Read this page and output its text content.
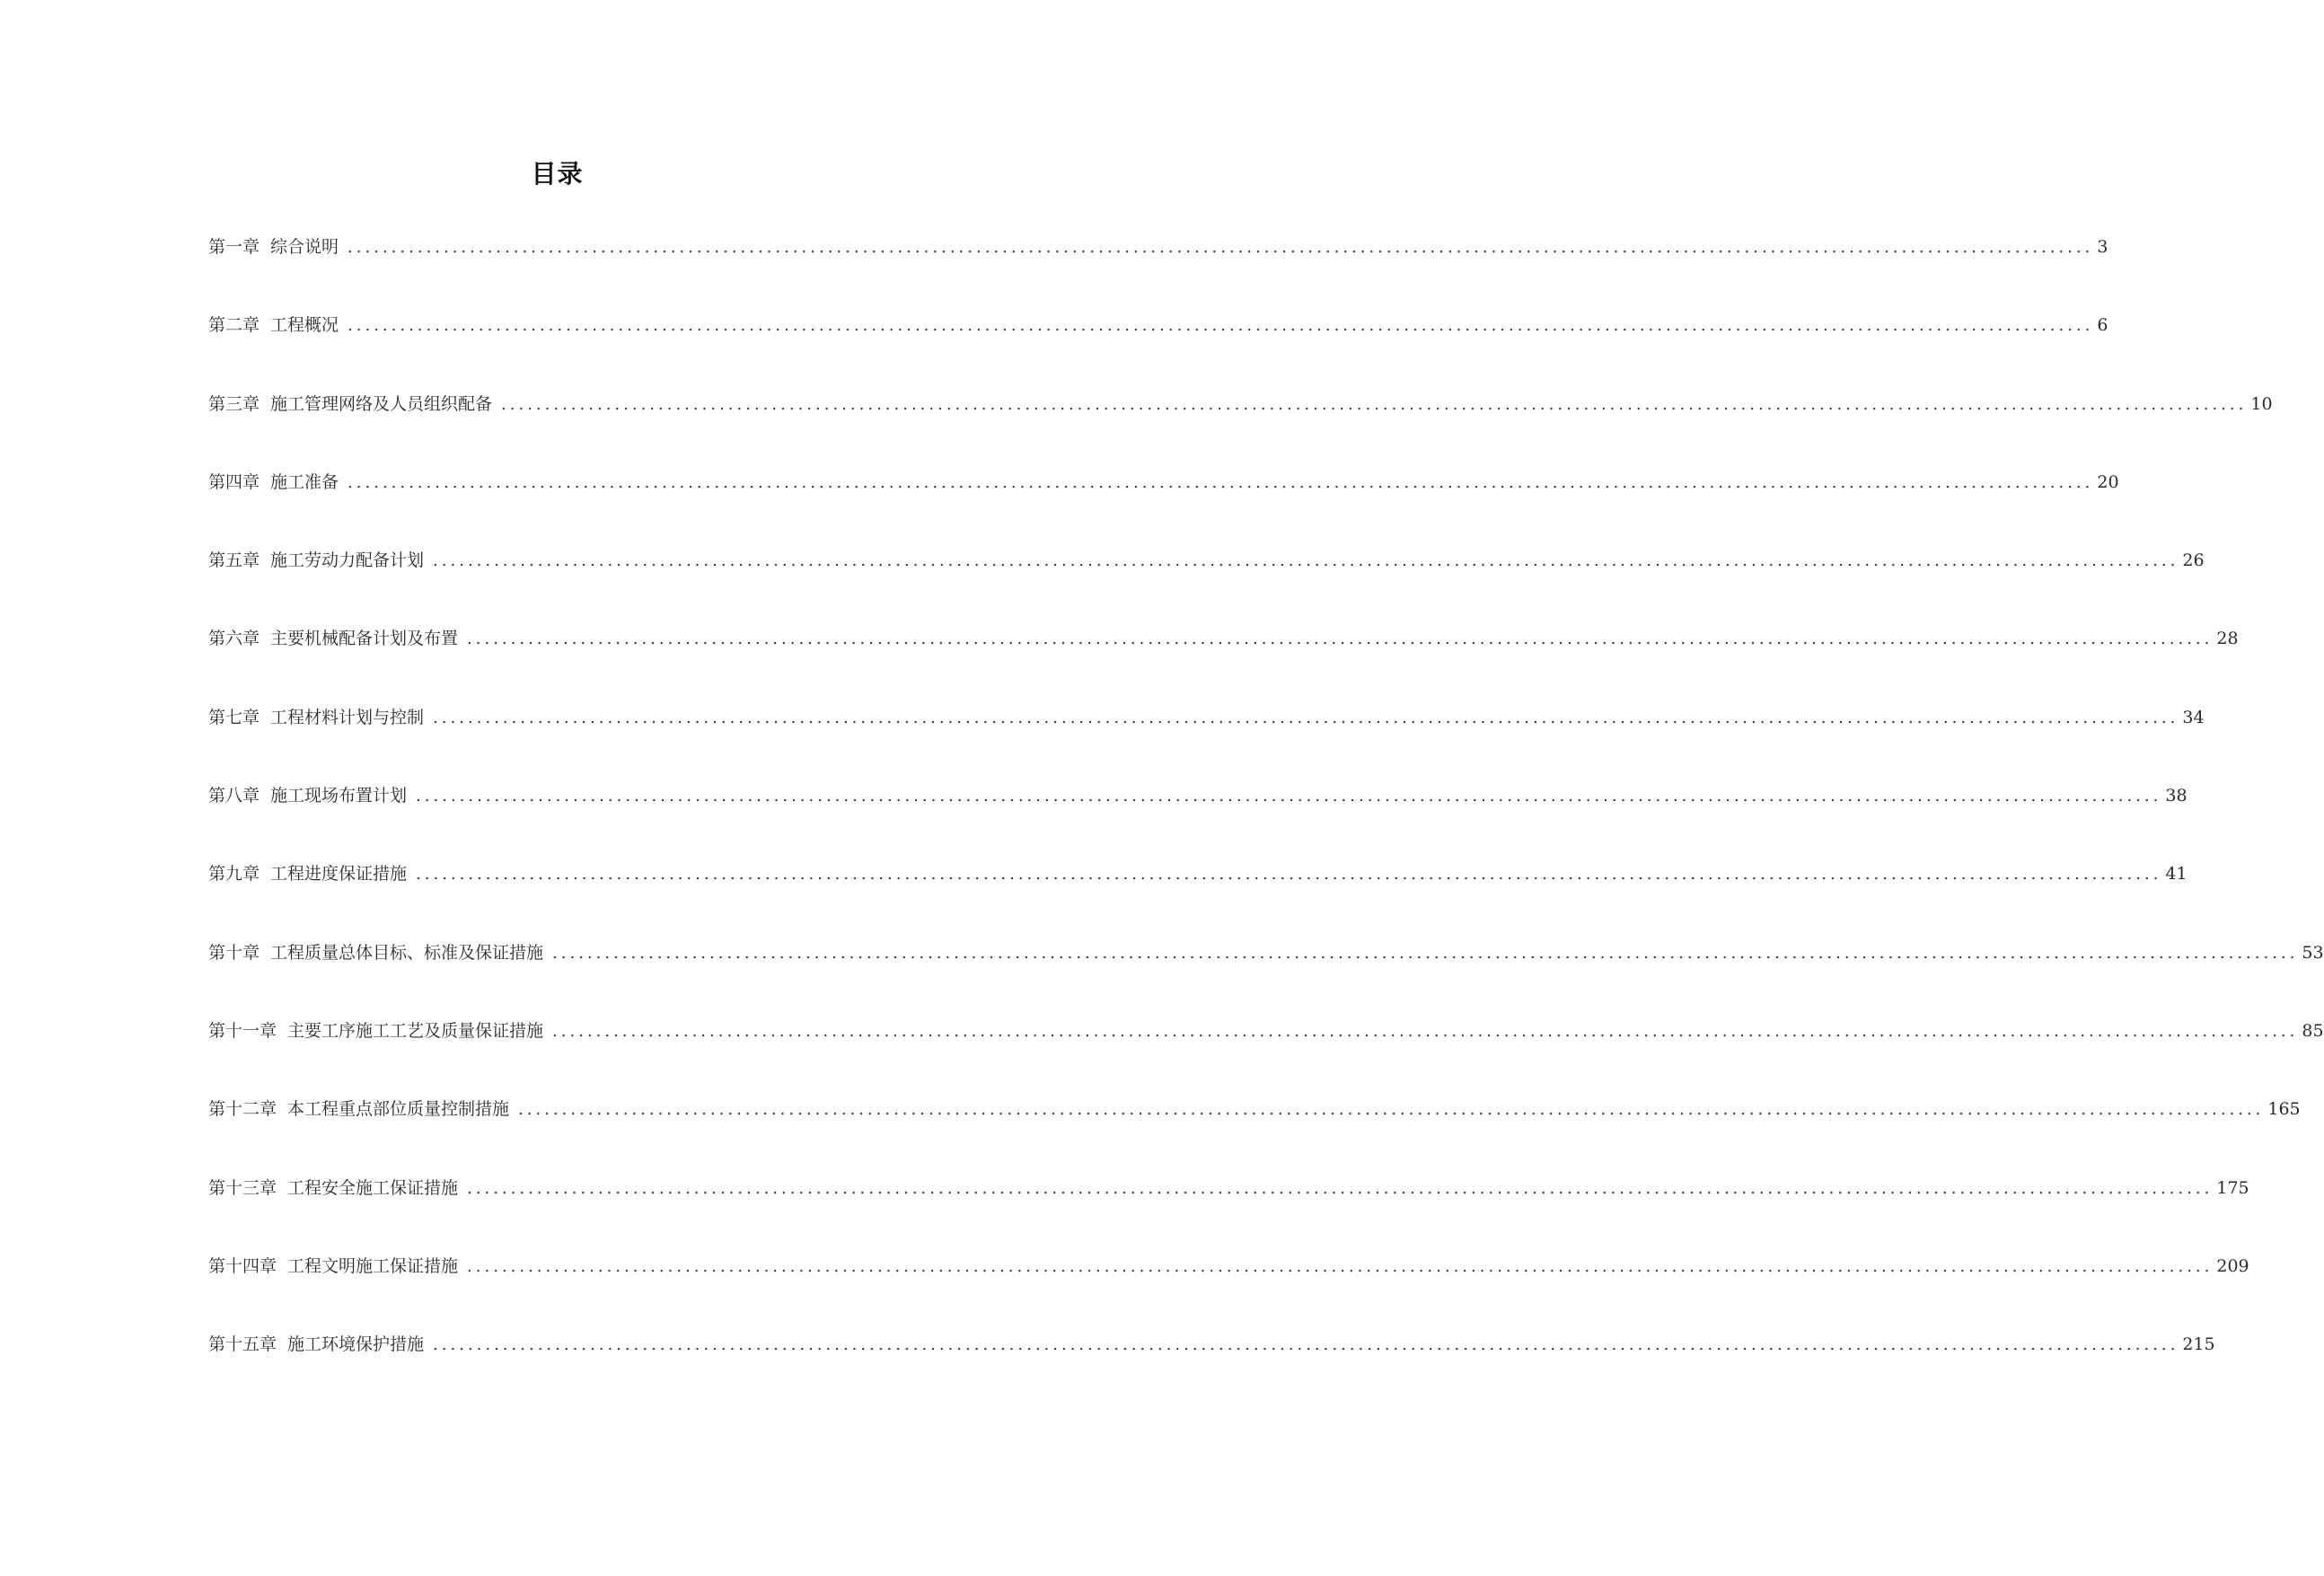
目录
第一章 综合说明 ........................................................................................................................................................................................................ 3
第二章 工程概况 ........................................................................................................................................................................................................ 6
第三章 施工管理网络及人员组织配备 ........................................................................................................................................................................................................ 10
第四章 施工准备 ........................................................................................................................................................................................................ 20
第五章 施工劳动力配备计划 ........................................................................................................................................................................................................ 26
第六章 主要机械配备计划及布置 ........................................................................................................................................................................................................ 28
第七章 工程材料计划与控制 ........................................................................................................................................................................................................ 34
第八章 施工现场布置计划 ........................................................................................................................................................................................................ 38
第九章 工程进度保证措施 ........................................................................................................................................................................................................ 41
第十章 工程质量总体目标、标准及保证措施 ........................................................................................................................................................................................................ 53
第十一章 主要工序施工工艺及质量保证措施 ........................................................................................................................................................................................................ 85
第十二章 本工程重点部位质量控制措施 ........................................................................................................................................................................................................ 165
第十三章 工程安全施工保证措施 ........................................................................................................................................................................................................ 175
第十四章 工程文明施工保证措施 ........................................................................................................................................................................................................ 209
第十五章 施工环境保护措施 ........................................................................................................................................................................................................ 215
